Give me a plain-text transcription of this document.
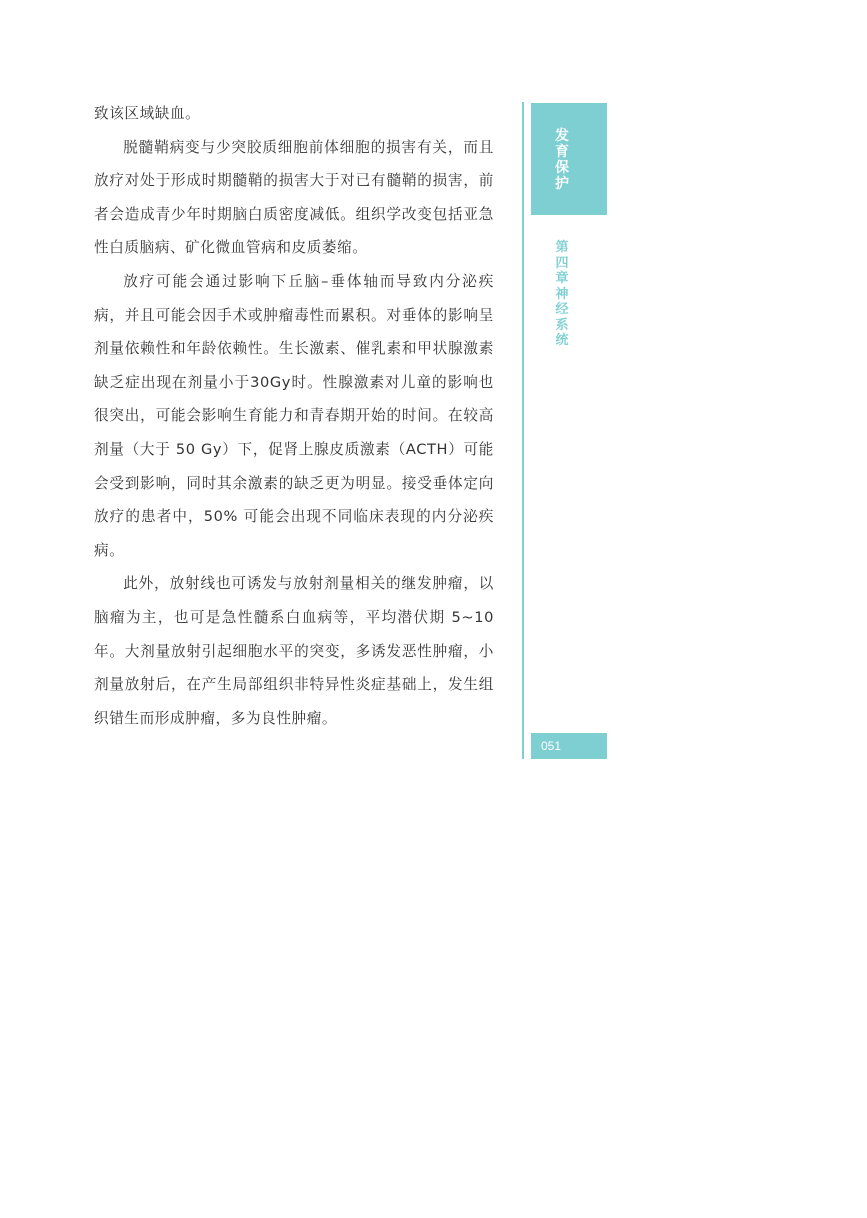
致该区域缺血。

脱髓鞘病变与少突胶质细胞前体细胞的损害有关，而且放疗对处于形成时期髓鞘的损害大于对已有髓鞘的损害，前者会造成青少年时期脑白质密度减低。组织学改变包括亚急性白质脑病、矿化微血管病和皮质萎缩。

放疗可能会通过影响下丘脑–垂体轴而导致内分泌疾病，并且可能会因手术或肿瘤毒性而累积。对垂体的影响呈剂量依赖性和年龄依赖性。生长激素、催乳素和甲状腺激素缺乏症出现在剂量小于30Gy时。性腺激素对儿童的影响也很突出，可能会影响生育能力和青春期开始的时间。在较高剂量（大于 50 Gy）下，促肾上腺皮质激素（ACTH）可能会受到影响，同时其余激素的缺乏更为明显。接受垂体定向放疗的患者中，50% 可能会出现不同临床表现的内分泌疾病。

此外，放射线也可诱发与放射剂量相关的继发肿瘤，以脑瘤为主，也可是急性髓系白血病等，平均潜伏期 5~10 年。大剂量放射引起细胞水平的突变，多诱发恶性肿瘤，小剂量放射后，在产生局部组织非特异性炎症基础上，发生组织错生而形成肿瘤，多为良性肿瘤。

发育保护
第四章 神经系统
051
